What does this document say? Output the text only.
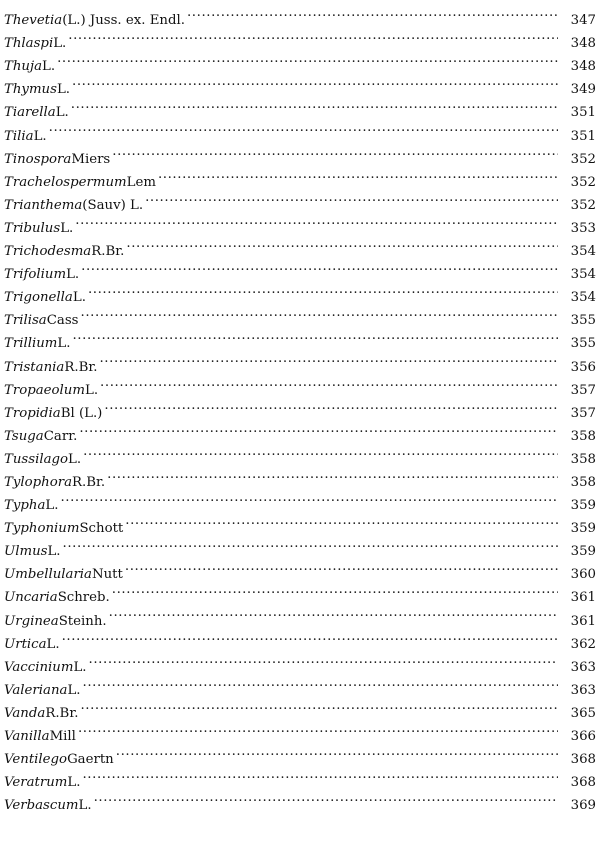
Thevetia (L.) Juss. ex. Endl. .....	347
Thlaspi L. .....	348
Thuja L. .....	348
Thymus L. .....	349
Tiarella L. .....	351
Tilia L. .....	351
Tinospora Miers .....	352
Trachelospermum Lem .....	352
Trianthema (Sauv) L. .....	352
Tribulus L. .....	353
Trichodesma R.Br. .....	354
Trifolium L. .....	354
Trigonella L. .....	354
Trilisa Cass .....	355
Trillium L. .....	355
Tristania R.Br. .....	356
Tropaeolum L. .....	357
Tropidia Bl (L.) .....	357
Tsuga Carr. .....	358
Tussilago L. .....	358
Tylophora R.Br. .....	358
Typha L. .....	359
Typhonium Schott .....	359
Ulmus L. .....	359
Umbellularia Nutt .....	360
Uncaria Schreb. .....	361
Urginea Steinh. .....	361
Urtica L. .....	362
Vaccinium L. .....	363
Valeriana L. .....	363
Vanda R.Br. .....	365
Vanilla Mill .....	366
Ventilego Gaertn .....	368
Veratrum L. .....	368
Verbascum L. .....	369
